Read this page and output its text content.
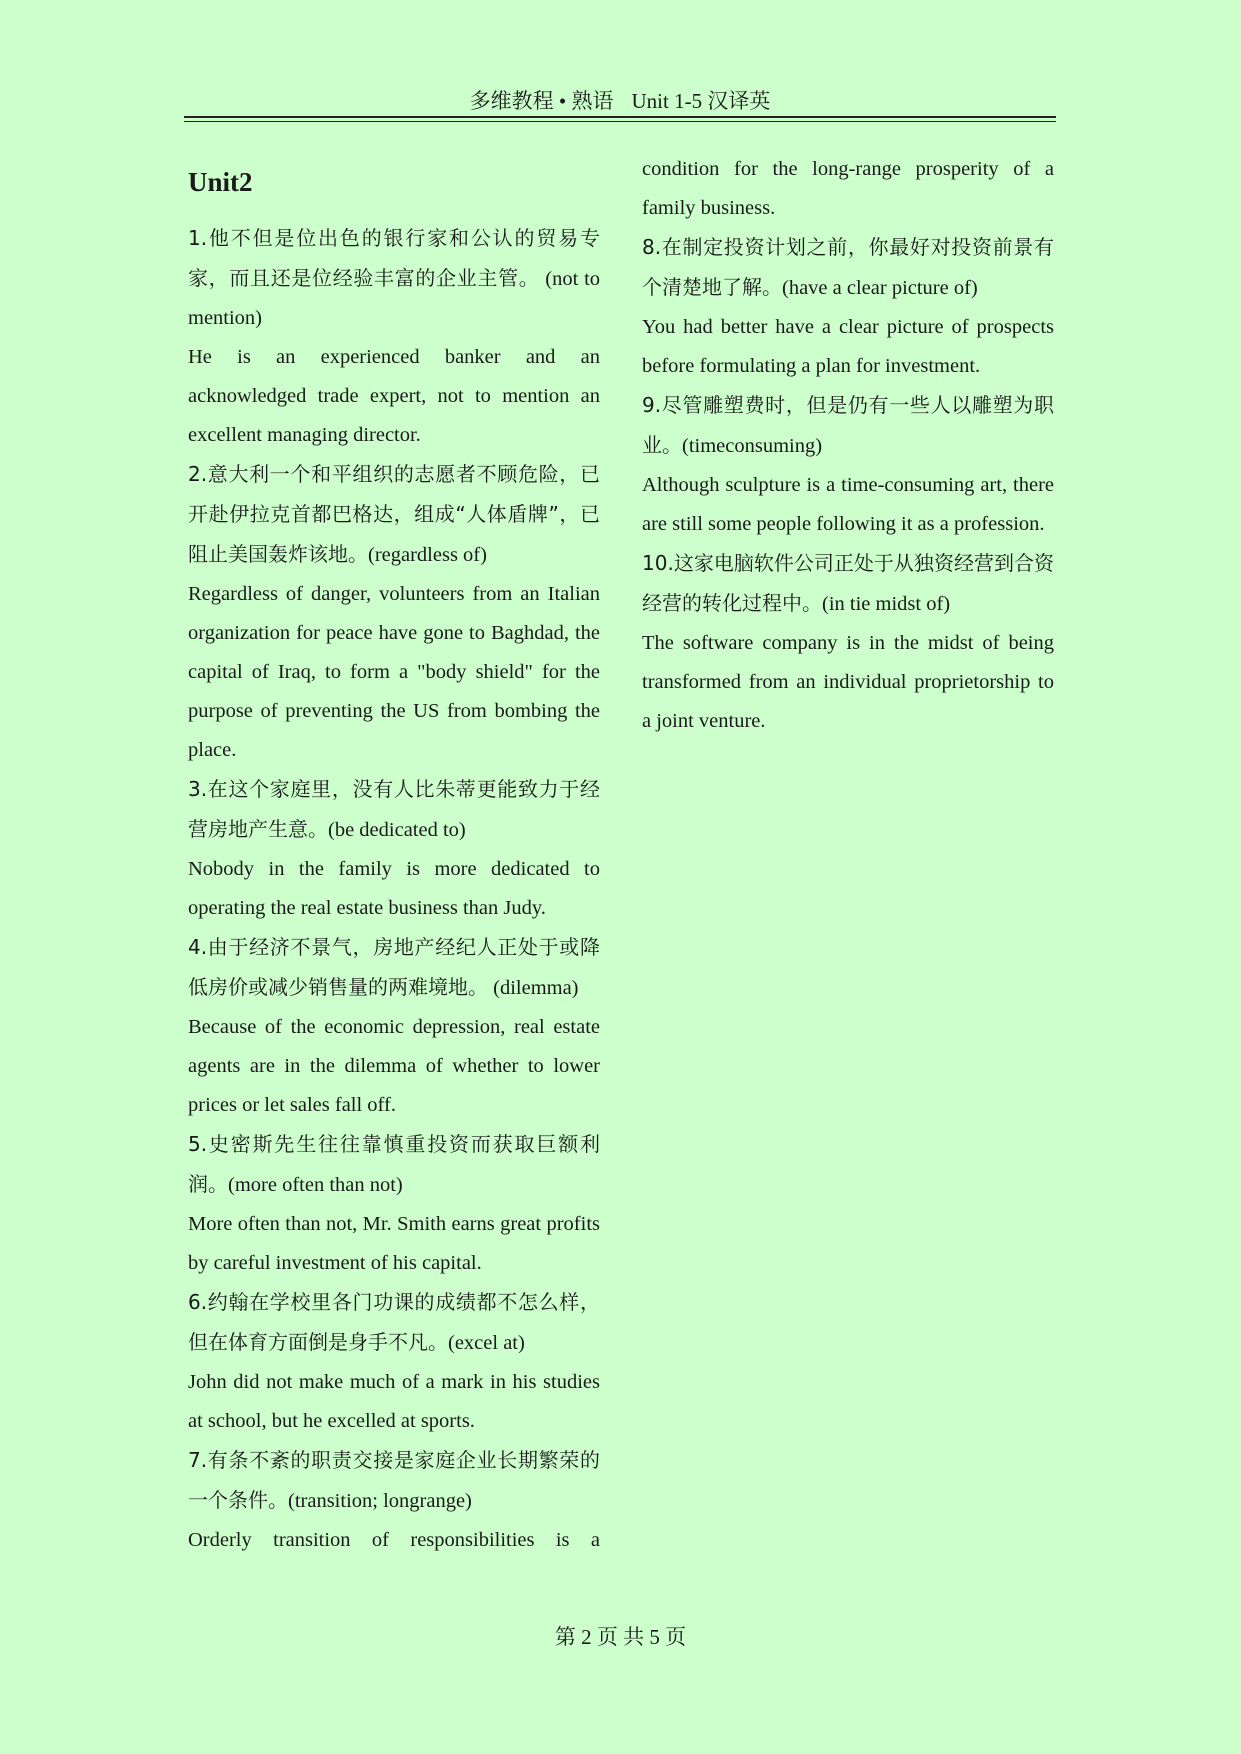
多维教程 • 熟语 Unit 1-5 汉译英
Unit2

1.他不但是位出色的银行家和公认的贸易专家，而且还是位经验丰富的企业主管。 (not to mention)

He is an experienced banker and an acknowledged trade expert, not to mention an excellent managing director.

2.意大利一个和平组织的志愿者不顾危险，已开赴伊拉克首都巴格达，组成“人体盾牌”，已阻止美国轰炸该地。(regardless of)

Regardless of danger, volunteers from an Italian organization for peace have gone to Baghdad, the capital of Iraq, to form a "body shield" for the purpose of preventing the US from bombing the place.

3.在这个家庭里，没有人比朱蒂更能致力于经营房地产生意。(be dedicated to)

Nobody in the family is more dedicated to operating the real estate business than Judy.

4.由于经济不景气，房地产经纪人正处于或降低房价或减少销售量的两难境地。 (dilemma)

Because of the economic depression, real estate agents are in the dilemma of whether to lower prices or let sales fall off.

5.史密斯先生往往靠慎重投资而获取巨额利润。(more often than not)

More often than not, Mr. Smith earns great profits by careful investment of his capital.

6.约翰在学校里各门功课的成绩都不怎么样，但在体育方面倒是身手不凡。(excel at)

John did not make much of a mark in his studies at school, but he excelled at sports.

7.有条不紊的职责交接是家庭企业长期繁荣的一个条件。(transition; longrange)

Orderly transition of responsibilities is a

condition for the long-range prosperity of a family business.

8.在制定投资计划之前，你最好对投资前景有个清楚地了解。(have a clear picture of)

You had better have a clear picture of prospects before formulating a plan for investment.

9.尽管雕塑费时，但是仍有一些人以雕塑为职业。(timeconsuming)

Although sculpture is a time-consuming art, there are still some people following it as a profession.

10.这家电脑软件公司正处于从独资经营到合资经营的转化过程中。(in tie midst of)

The software company is in the midst of being transformed from an individual proprietorship to a joint venture.

第 2 页 共 5 页
